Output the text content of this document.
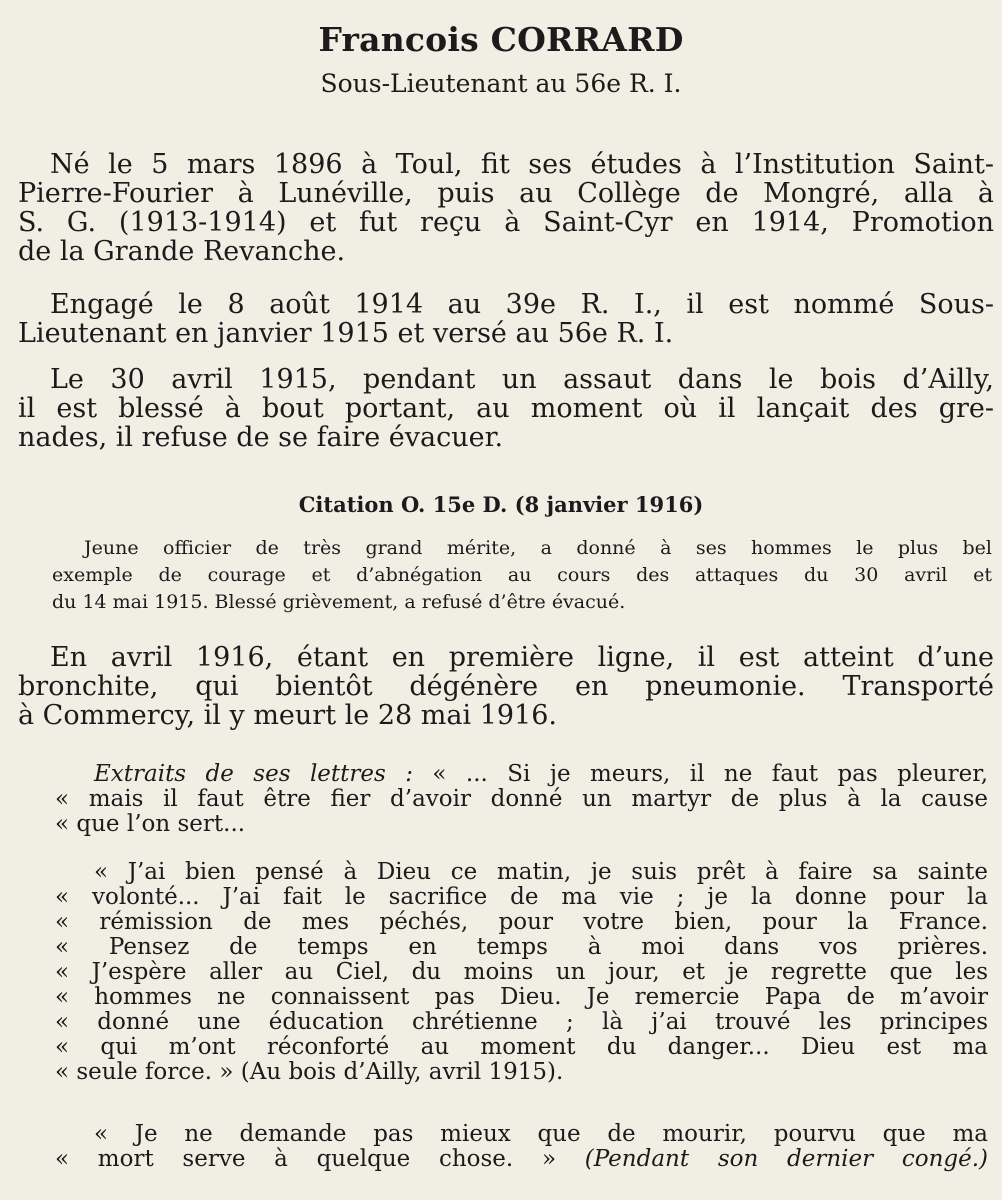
Francois CORRARD
Sous-Lieutenant au 56e R. I.
Né le 5 mars 1896 à Toul, fit ses études à l’Institution Saint-
Pierre-Fourier à Lunéville, puis au Collège de Mongré, alla à
S. G. (1913-1914) et fut reçu à Saint-Cyr en 1914, Promotion
de la Grande Revanche.
Engagé le 8 août 1914 au 39e R. I., il est nommé Sous-
Lieutenant en janvier 1915 et versé au 56e R. I.
Le 30 avril 1915, pendant un assaut dans le bois d’Ailly,
il est blessé à bout portant, au moment où il lançait des gre-
nades, il refuse de se faire évacuer.
Citation O. 15e D. (8 janvier 1916)
Jeune officier de très grand mérite, a donné à ses hommes le plus bel
exemple de courage et d’abnégation au cours des attaques du 30 avril et
du 14 mai 1915. Blessé grièvement, a refusé d’être évacué.
En avril 1916, étant en première ligne, il est atteint d’une
bronchite, qui bientôt dégénère en pneumonie. Transporté
à Commercy, il y meurt le 28 mai 1916.
Extraits de ses lettres : « ... Si je meurs, il ne faut pas pleurer,
« mais il faut être fier d’avoir donné un martyr de plus à la cause
« que l’on sert...
« J’ai bien pensé à Dieu ce matin, je suis prêt à faire sa sainte
« volonté... J’ai fait le sacrifice de ma vie ; je la donne pour la
« rémission de mes péchés, pour votre bien, pour la France.
« Pensez de temps en temps à moi dans vos prières.
« J’espère aller au Ciel, du moins un jour, et je regrette que les
« hommes ne connaissent pas Dieu. Je remercie Papa de m’avoir
« donné une éducation chrétienne ; là j’ai trouvé les principes
« qui m’ont réconforté au moment du danger... Dieu est ma
« seule force. » (Au bois d’Ailly, avril 1915).
« Je ne demande pas mieux que de mourir, pourvu que ma
« mort serve à quelque chose. » (Pendant son dernier congé.)
